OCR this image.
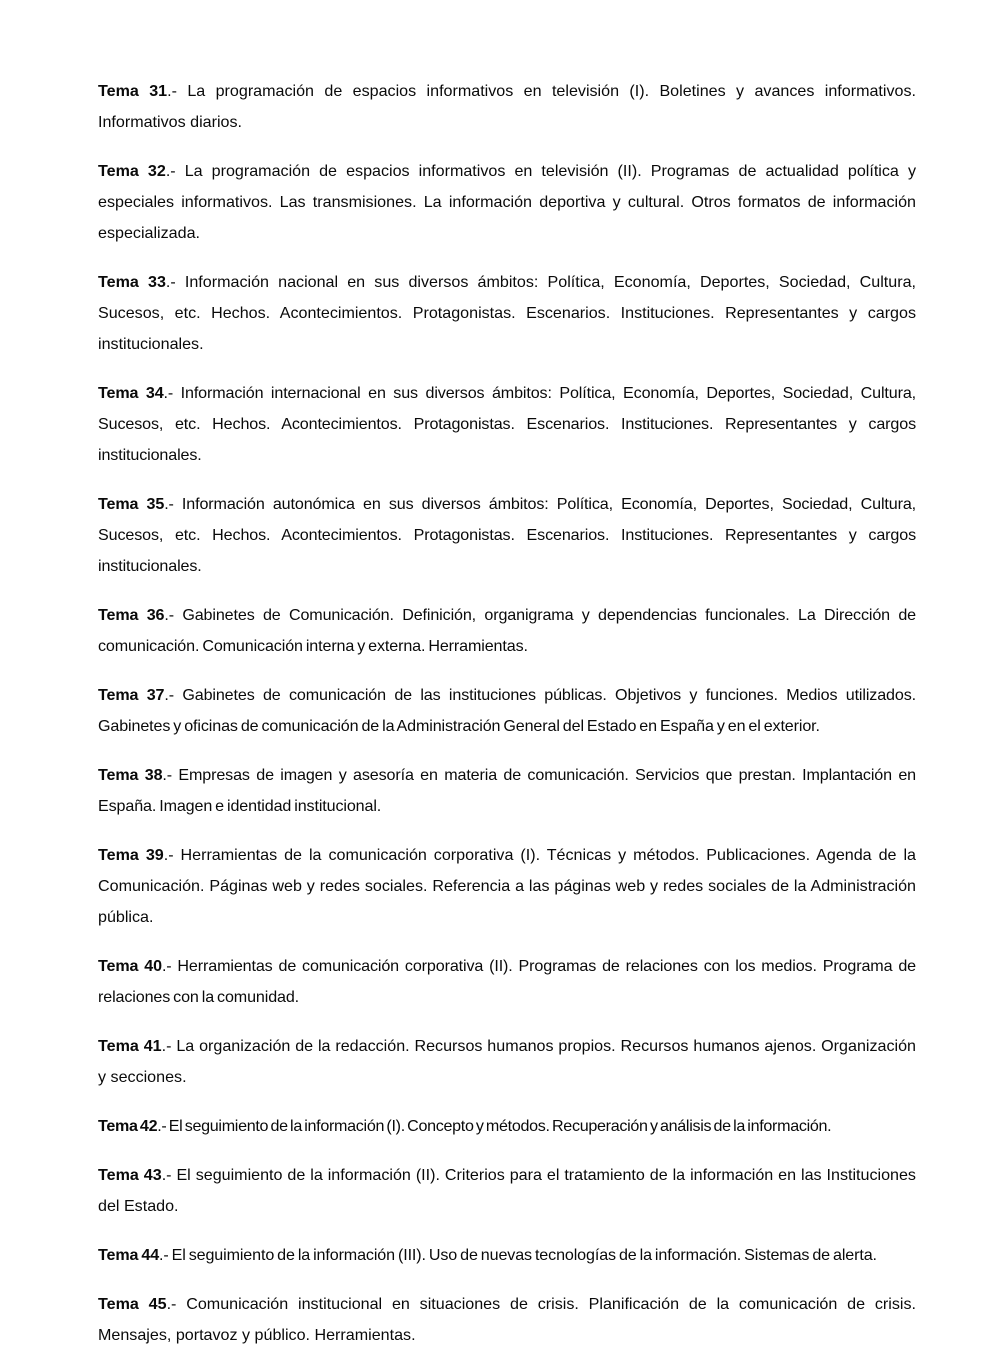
Tema 31.- La programación de espacios informativos en televisión (I). Boletines y avances informativos. Informativos diarios.

Tema 32.- La programación de espacios informativos en televisión (II). Programas de actualidad política y especiales informativos. Las transmisiones. La información deportiva y cultural. Otros formatos de información especializada.

Tema 33.- Información nacional en sus diversos ámbitos: Política, Economía, Deportes, Sociedad, Cultura, Sucesos, etc. Hechos. Acontecimientos. Protagonistas. Escenarios. Instituciones. Representantes y cargos institucionales.

Tema 34.- Información internacional en sus diversos ámbitos: Política, Economía, Deportes, Sociedad, Cultura, Sucesos, etc. Hechos. Acontecimientos. Protagonistas. Escenarios. Instituciones. Representantes y cargos institucionales.

Tema 35.- Información autonómica en sus diversos ámbitos: Política, Economía, Deportes, Sociedad, Cultura, Sucesos, etc. Hechos. Acontecimientos. Protagonistas. Escenarios. Instituciones. Representantes y cargos institucionales.

Tema 36.- Gabinetes de Comunicación. Definición, organigrama y dependencias funcionales. La Dirección de comunicación. Comunicación interna y externa. Herramientas.

Tema 37.- Gabinetes de comunicación de las instituciones públicas. Objetivos y funciones. Medios utilizados. Gabinetes y oficinas de comunicación de la Administración General del Estado en España y en el exterior.

Tema 38.- Empresas de imagen y asesoría en materia de comunicación. Servicios que prestan. Implantación en España. Imagen e identidad institucional.

Tema 39.- Herramientas de la comunicación corporativa (I). Técnicas y métodos. Publicaciones. Agenda de la Comunicación. Páginas web y redes sociales. Referencia a las páginas web y redes sociales de la Administración pública.

Tema 40.- Herramientas de comunicación corporativa (II). Programas de relaciones con los medios. Programa de relaciones con la comunidad.

Tema 41.- La organización de la redacción. Recursos humanos propios. Recursos humanos ajenos. Organización y secciones.

Tema 42.- El seguimiento de la información (I). Concepto y métodos. Recuperación y análisis de la información.

Tema 43.- El seguimiento de la información (II). Criterios para el tratamiento de la información en las Instituciones del Estado.

Tema 44.- El seguimiento de la información (III). Uso de nuevas tecnologías de la información. Sistemas de alerta.

Tema 45.- Comunicación institucional en situaciones de crisis. Planificación de la comunicación de crisis. Mensajes, portavoz y público. Herramientas.
